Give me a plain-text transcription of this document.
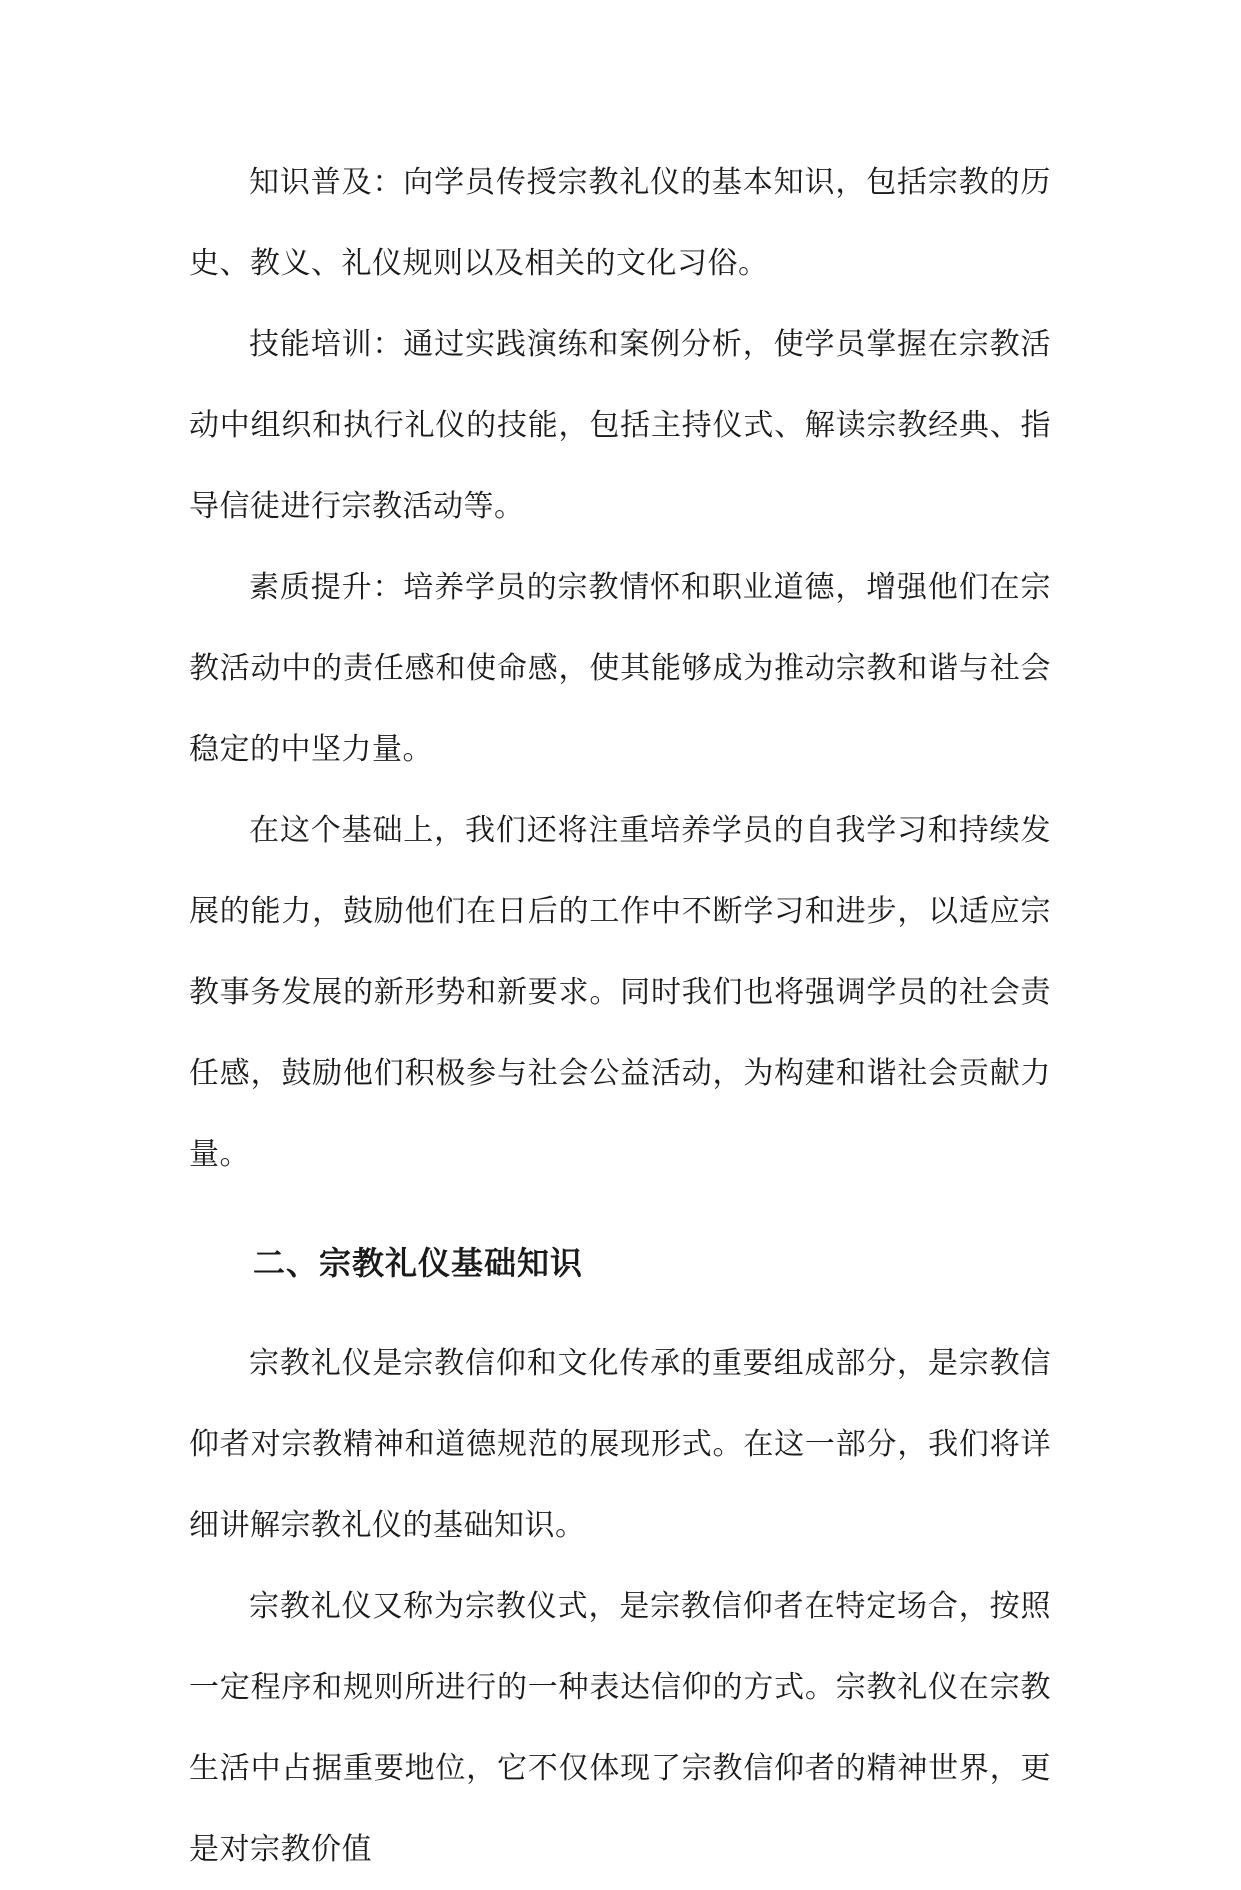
知识普及：向学员传授宗教礼仪的基本知识，包括宗教的历史、教义、礼仪规则以及相关的文化习俗。

技能培训：通过实践演练和案例分析，使学员掌握在宗教活动中组织和执行礼仪的技能，包括主持仪式、解读宗教经典、指导信徒进行宗教活动等。

素质提升：培养学员的宗教情怀和职业道德，增强他们在宗教活动中的责任感和使命感，使其能够成为推动宗教和谐与社会稳定的中坚力量。

在这个基础上，我们还将注重培养学员的自我学习和持续发展的能力，鼓励他们在日后的工作中不断学习和进步，以适应宗教事务发展的新形势和新要求。同时我们也将强调学员的社会责任感，鼓励他们积极参与社会公益活动，为构建和谐社会贡献力量。

二、宗教礼仪基础知识

宗教礼仪是宗教信仰和文化传承的重要组成部分，是宗教信仰者对宗教精神和道德规范的展现形式。在这一部分，我们将详细讲解宗教礼仪的基础知识。

宗教礼仪又称为宗教仪式，是宗教信仰者在特定场合，按照一定程序和规则所进行的一种表达信仰的方式。宗教礼仪在宗教生活中占据重要地位，它不仅体现了宗教信仰者的精神世界，更是对宗教价值
